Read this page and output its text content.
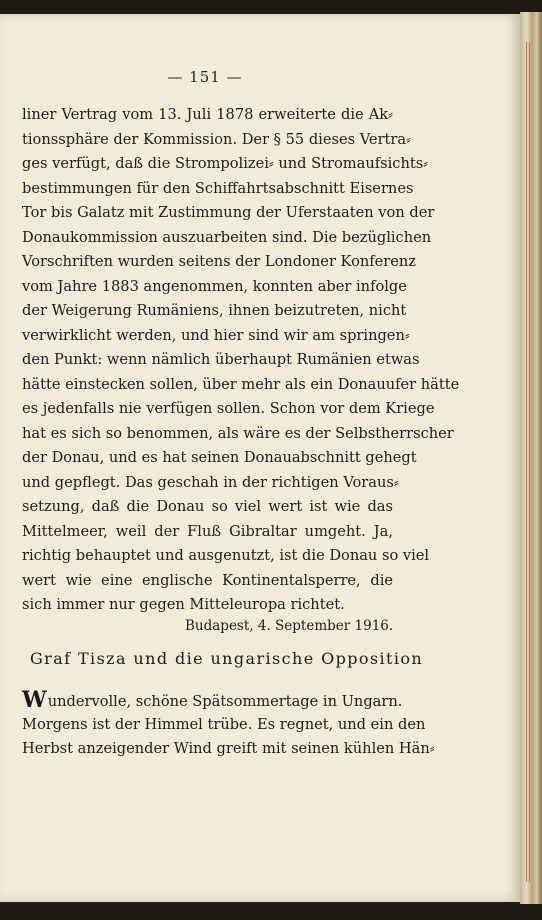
— 151 —
liner Vertrag vom 13. Juli 1878 erweiterte die Ak⸗
tionssphäre der Kommission. Der § 55 dieses Vertra⸗
ges verfügt, daß die Strompolizei⸗ und Stromaufsichts⸗
bestimmungen für den Schiffahrtsabschnitt Eisernes
Tor bis Galatz mit Zustimmung der Uferstaaten von der
Donaukommission auszuarbeiten sind. Die bezüglichen
Vorschriften wurden seitens der Londoner Konferenz
vom Jahre 1883 angenommen, konnten aber infolge
der Weigerung Rumäniens, ihnen beizutreten, nicht
verwirklicht werden, und hier sind wir am springen⸗
den Punkt: wenn nämlich überhaupt Rumänien etwas
hätte einstecken sollen, über mehr als ein Donauufer hätte
es jedenfalls nie verfügen sollen. Schon vor dem Kriege
hat es sich so benommen, als wäre es der Selbstherrscher
der Donau, und es hat seinen Donauabschnitt gehegt
und gepflegt. Das geschah in der richtigen Voraus⸗
setzung, daß die Donau so viel wert ist wie das
Mittelmeer, weil der Fluß Gibraltar umgeht. Ja,
richtig behauptet und ausgenutzt, ist die Donau so viel
wert wie eine englische Kontinentalsperre, die
sich immer nur gegen Mitteleuropa richtet.
Budapest, 4. September 1916.
Graf Tisza und die ungarische Opposition
Wundervolle, schöne Spätsommertage in Ungarn.
Morgens ist der Himmel trübe. Es regnet, und ein den
Herbst anzeigender Wind greift mit seinen kühlen Hän⸗
